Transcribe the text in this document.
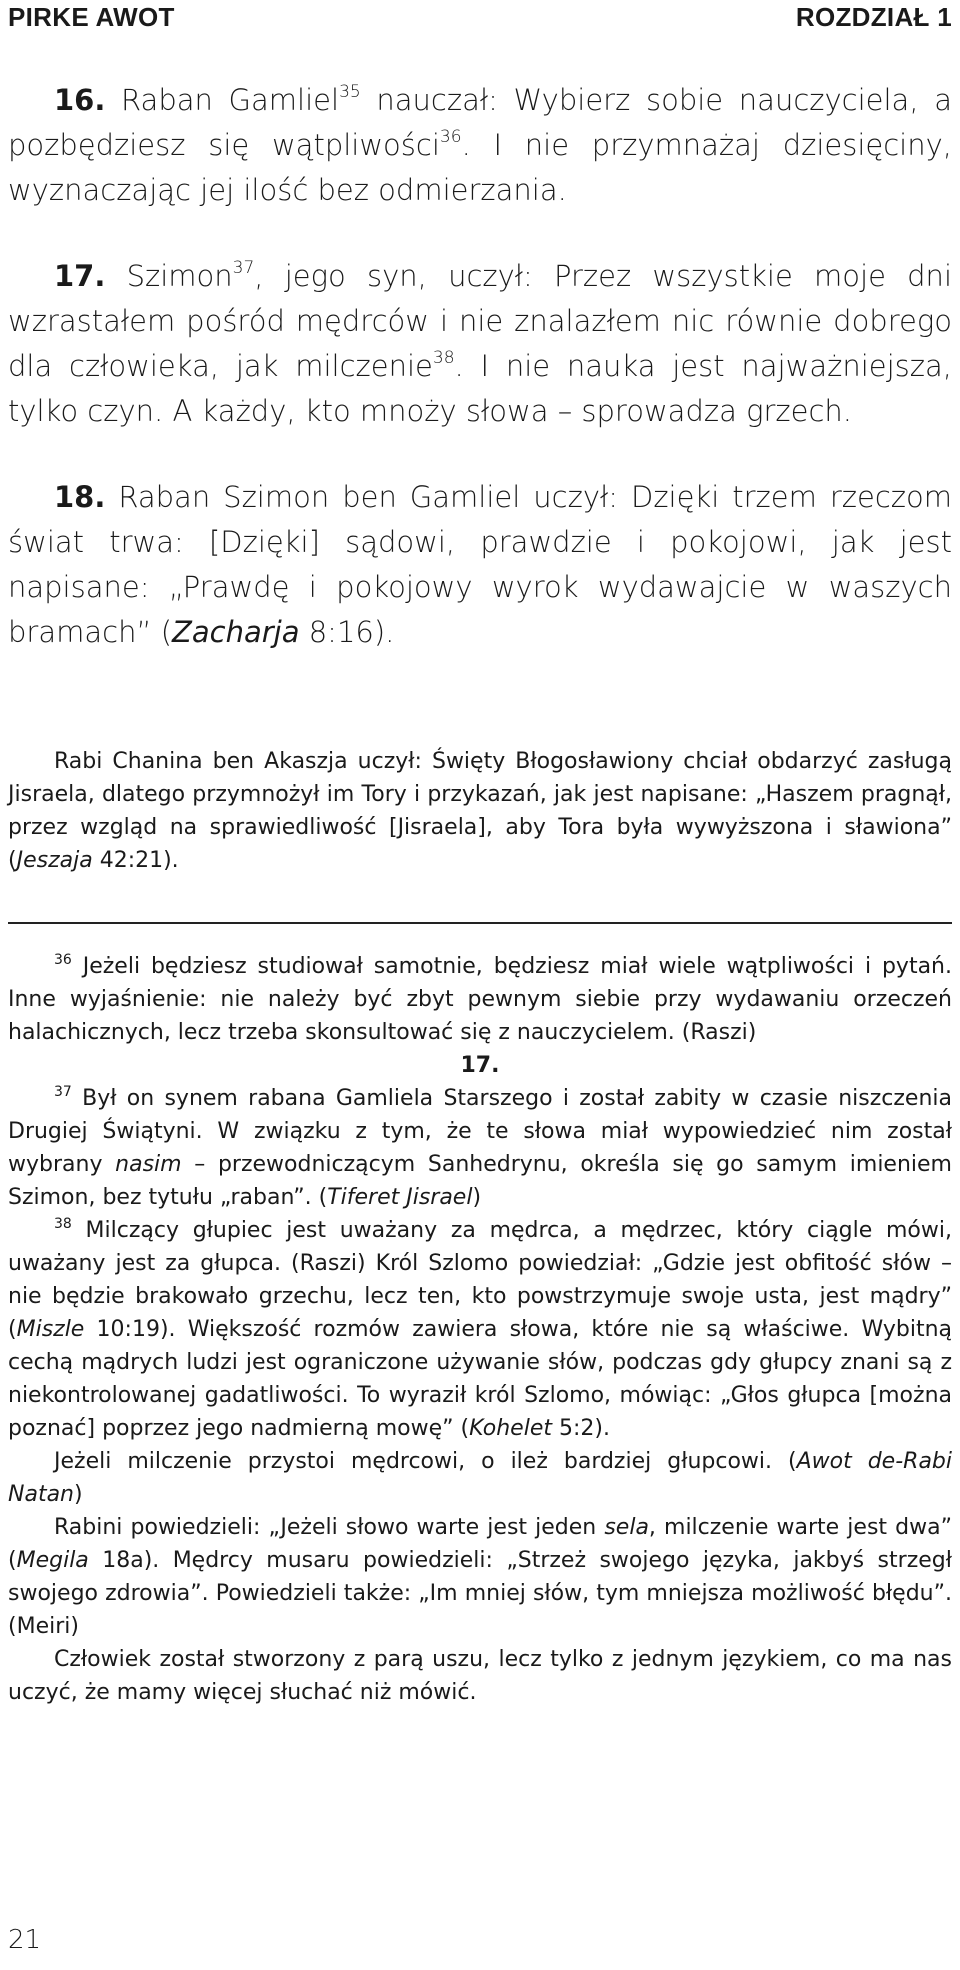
PIRKE AWOT	ROZDZIAŁ 1

16. Raban Gamliel$^{35}$ nauczał: Wybierz sobie nauczyciela, a pozbędziesz się wątpliwości$^{36}$. I nie przymnażaj dziesięciny, wyznaczając jej ilość bez odmierzania.

17. Szimon$^{37}$, jego syn, uczył: Przez wszystkie moje dni wzrastałem pośród mędrców i nie znalazłem nic równie dobrego dla człowieka, jak milczenie$^{38}$. I nie nauka jest najważniejsza, tylko czyn. A każdy, kto mnoży słowa – sprowadza grzech.

18. Raban Szimon ben Gamliel uczył: Dzięki trzem rzeczom świat trwa: [Dzięki] sądowi, prawdzie i pokojowi, jak jest napisane: „Prawdę i pokojowy wyrok wydawajcie w waszych bramach” (Zacharja 8:16).

Rabi Chanina ben Akaszja uczył: Święty Błogosławiony chciał obdarzyć zasługą Jisraela, dlatego przymnożył im Tory i przykazań, jak jest napisane: „Haszem pragnął, przez wzgląd na sprawiedliwość [Jisraela], aby Tora była wywyższona i sławiona” (Jeszaja 42:21).

$^{36}$ Jeżeli będziesz studiował samotnie, będziesz miał wiele wątpliwości i pytań. Inne wyjaśnienie: nie należy być zbyt pewnym siebie przy wydawaniu orzeczeń halachicznych, lecz trzeba skonsultować się z nauczycielem. (Raszi)

17.

$^{37}$ Był on synem rabana Gamliela Starszego i został zabity w czasie niszczenia Drugiej Świątyni. W związku z tym, że te słowa miał wypowiedzieć nim został wybrany nasim – przewodniczącym Sanhedrynu, określa się go samym imieniem Szimon, bez tytułu „raban”. (Tiferet Jisrael)

$^{38}$ Milczący głupiec jest uważany za mędrca, a mędrzec, który ciągle mówi, uważany jest za głupca. (Raszi) Król Szlomo powiedział: „Gdzie jest obfitość słów – nie będzie brakowało grzechu, lecz ten, kto powstrzymuje swoje usta, jest mądry” (Miszle 10:19). Większość rozmów zawiera słowa, które nie są właściwe. Wybitną cechą mądrych ludzi jest ograniczone używanie słów, podczas gdy głupcy znani są z niekontrolowanej gadatliwości. To wyraził król Szlomo, mówiąc: „Głos głupca [można poznać] poprzez jego nadmierną mowę” (Kohelet 5:2).

Jeżeli milczenie przystoi mędrcowi, o ileż bardziej głupcowi. (Awot de-Rabi Natan)

Rabini powiedzieli: „Jeżeli słowo warte jest jeden sela, milczenie warte jest dwa” (Megila 18a). Mędrcy musaru powiedzieli: „Strzeż swojego języka, jakbyś strzegł swojego zdrowia”. Powiedzieli także: „Im mniej słów, tym mniejsza możliwość błędu”. (Meiri)

Człowiek został stworzony z parą uszu, lecz tylko z jednym językiem, co ma nas uczyć, że mamy więcej słuchać niż mówić.

21
